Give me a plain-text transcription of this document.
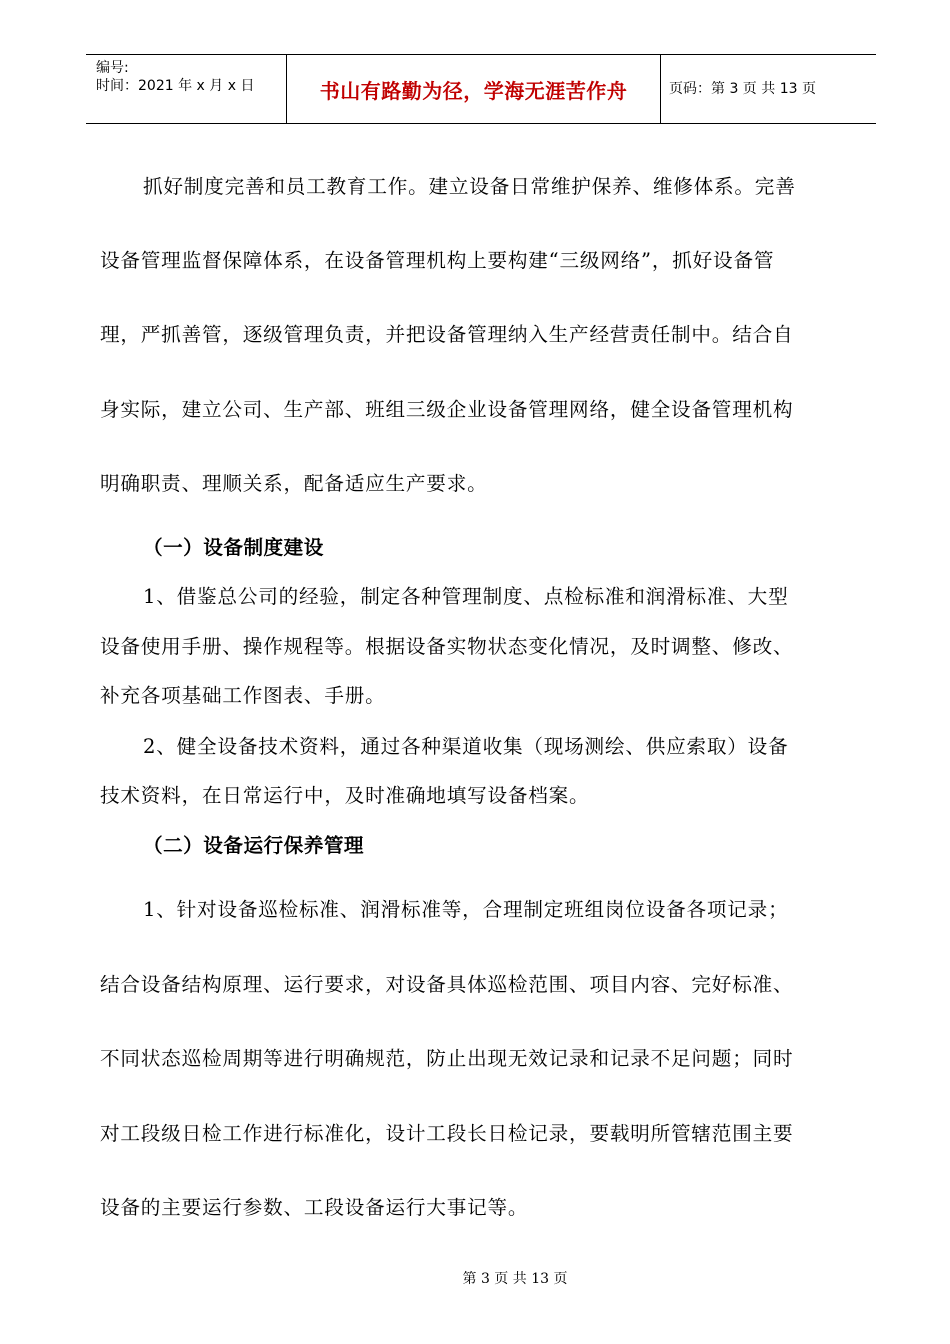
编号:
时间：2021 年 x 月 x 日	书山有路勤为径，学海无涯苦作舟	页码：第 3 页 共 13 页
抓好制度完善和员工教育工作。建立设备日常维护保养、维修体系。完善
设备管理监督保障体系，在设备管理机构上要构建“三级网络”，抓好设备管
理，严抓善管，逐级管理负责，并把设备管理纳入生产经营责任制中。结合自
身实际，建立公司、生产部、班组三级企业设备管理网络，健全设备管理机构
明确职责、理顺关系，配备适应生产要求。
（一）设备制度建设
1、借鉴总公司的经验，制定各种管理制度、点检标准和润滑标准、大型
设备使用手册、操作规程等。根据设备实物状态变化情况，及时调整、修改、
补充各项基础工作图表、手册。
2、健全设备技术资料，通过各种渠道收集（现场测绘、供应索取）设备
技术资料，在日常运行中，及时准确地填写设备档案。
（二）设备运行保养管理
1、针对设备巡检标准、润滑标准等，合理制定班组岗位设备各项记录；
结合设备结构原理、运行要求，对设备具体巡检范围、项目内容、完好标准、
不同状态巡检周期等进行明确规范，防止出现无效记录和记录不足问题；同时
对工段级日检工作进行标准化，设计工段长日检记录，要载明所管辖范围主要
设备的主要运行参数、工段设备运行大事记等。
第 3 页 共 13 页
